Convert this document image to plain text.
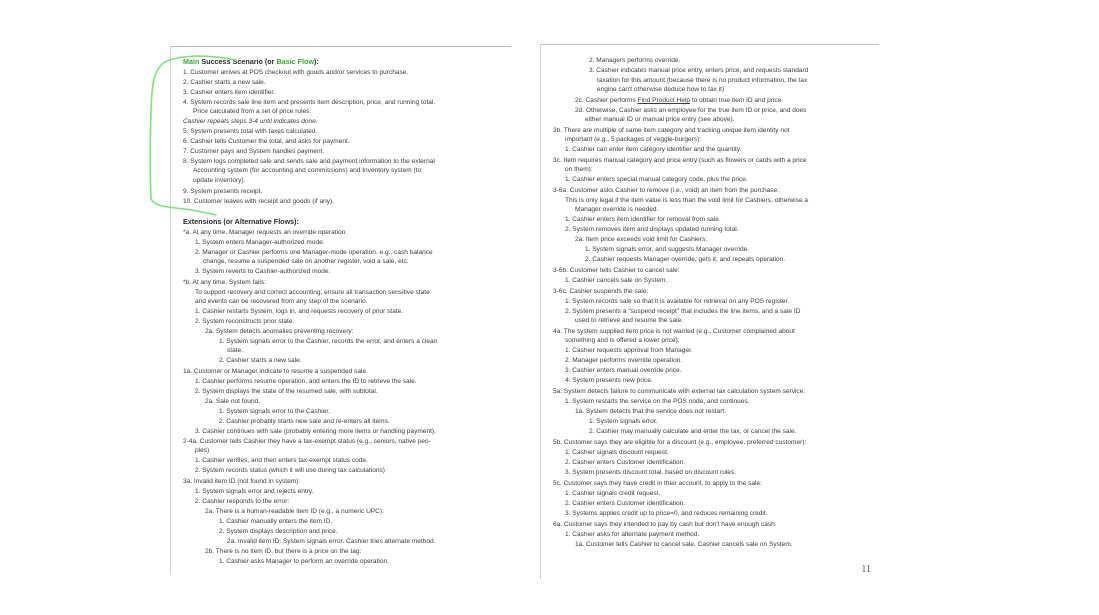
Main Success Scenario (or Basic Flow):
1. Customer arrives at POS checkout with goods and/or services to purchase.
2. Cashier starts a new sale.
3. Cashier enters item identifier.
4. System records sale line item and presents item description, price, and running total.
Price calculated from a set of price rules.
Cashier repeats steps 3-4 until indicates done.
5. System presents total with taxes calculated.
6. Cashier tells Customer the total, and asks for payment.
7. Customer pays and System handles payment.
8. System logs completed sale and sends sale and payment information to the external
Accounting system (for accounting and commissions) and Inventory system (to
update inventory).
9. System presents receipt.
10. Customer leaves with receipt and goods (if any).
Extensions (or Alternative Flows):
*a. At any time, Manager requests an override operation:
1. System enters Manager-authorized mode.
2. Manager or Cashier performs one Manager-mode operation. e.g., cash balance
change, resume a suspended sale on another register, void a sale, etc.
3. System reverts to Cashier-authorized mode.
*b. At any time, System fails:
To support recovery and correct accounting, ensure all transaction sensitive state
and events can be recovered from any step of the scenario.
1. Cashier restarts System, logs in, and requests recovery of prior state.
2. System reconstructs prior state.
2a. System detects anomalies preventing recovery:
1. System signals error to the Cashier, records the error, and enters a clean
state.
2. Cashier starts a new sale.
1a. Customer or Manager indicate to resume a suspended sale.
1. Cashier performs resume operation, and enters the ID to retrieve the sale.
2. System displays the state of the resumed sale, with subtotal.
2a. Sale not found.
1. System signals error to the Cashier.
2. Cashier probably starts new sale and re-enters all items.
3. Cashier continues with sale (probably entering more items or handling payment).
2-4a. Customer tells Cashier they have a tax-exempt status (e.g., seniors, native peo-
ples)
1. Cashier verifies, and then enters tax-exempt status code.
2. System records status (which it will use during tax calculations)
3a. Invalid item ID (not found in system):
1. System signals error and rejects entry.
2. Cashier responds to the error:
2a. There is a human-readable item ID (e.g., a numeric UPC):
1. Cashier manually enters the item ID.
2. System displays description and price.
2a. Invalid item ID: System signals error. Cashier tries alternate method.
2b. There is no item ID, but there is a price on the tag:
1. Cashier asks Manager to perform an override operation.
2. Managers performs override.
3. Cashier indicates manual price entry, enters price, and requests standard
taxation for this amount (because there is no product information, the tax
engine can't otherwise deduce how to tax it)
2c. Cashier performs Find Product Help to obtain true item ID and price.
2d. Otherwise, Cashier asks an employee for the true item ID or price, and does
either manual ID or manual price entry (see above).
3b. There are multiple of same item category and tracking unique item identity not
important (e.g., 5 packages of veggie-burgers):
1. Cashier can enter item category identifier and the quantity.
3c. Item requires manual category and price entry (such as flowers or cards with a price
on them):
1. Cashier enters special manual category code, plus the price.
3-6a: Customer asks Cashier to remove (i.e., void) an item from the purchase:
This is only legal if the item value is less than the void limit for Cashiers, otherwise a
Manager override is needed.
1. Cashier enters item identifier for removal from sale.
2. System removes item and displays updated running total.
2a. Item price exceeds void limit for Cashiers:
1. System signals error, and suggests Manager override.
2. Cashier requests Manager override, gets it, and repeats operation.
3-6b. Customer tells Cashier to cancel sale:
1. Cashier cancels sale on System.
3-6c. Cashier suspends the sale:
1. System records sale so that it is available for retrieval on any POS register.
2. System presents a "suspend receipt" that includes the line items, and a sale ID
used to retrieve and resume the sale.
4a. The system supplied item price is not wanted (e.g., Customer complained about
something and is offered a lower price):
1. Cashier requests approval from Manager.
2. Manager performs override operation.
3. Cashier enters manual override price.
4. System presents new price.
5a. System detects failure to communicate with external tax calculation system service:
1. System restarts the service on the POS node, and continues.
1a. System detects that the service does not restart.
1. System signals error.
2. Cashier may manually calculate and enter the tax, or cancel the sale.
5b. Customer says they are eligible for a discount (e.g., employee, preferred customer):
1. Cashier signals discount request.
2. Cashier enters Customer identification.
3. System presents discount total, based on discount rules.
5c. Customer says they have credit in their account, to apply to the sale:
1. Cashier signals credit request.
2. Cashier enters Customer identification.
3. Systems applies credit up to price=0, and reduces remaining credit.
6a. Customer says they intended to pay by cash but don't have enough cash:
1. Cashier asks for alternate payment method.
1a. Customer tells Cashier to cancel sale. Cashier cancels sale on System.
11
